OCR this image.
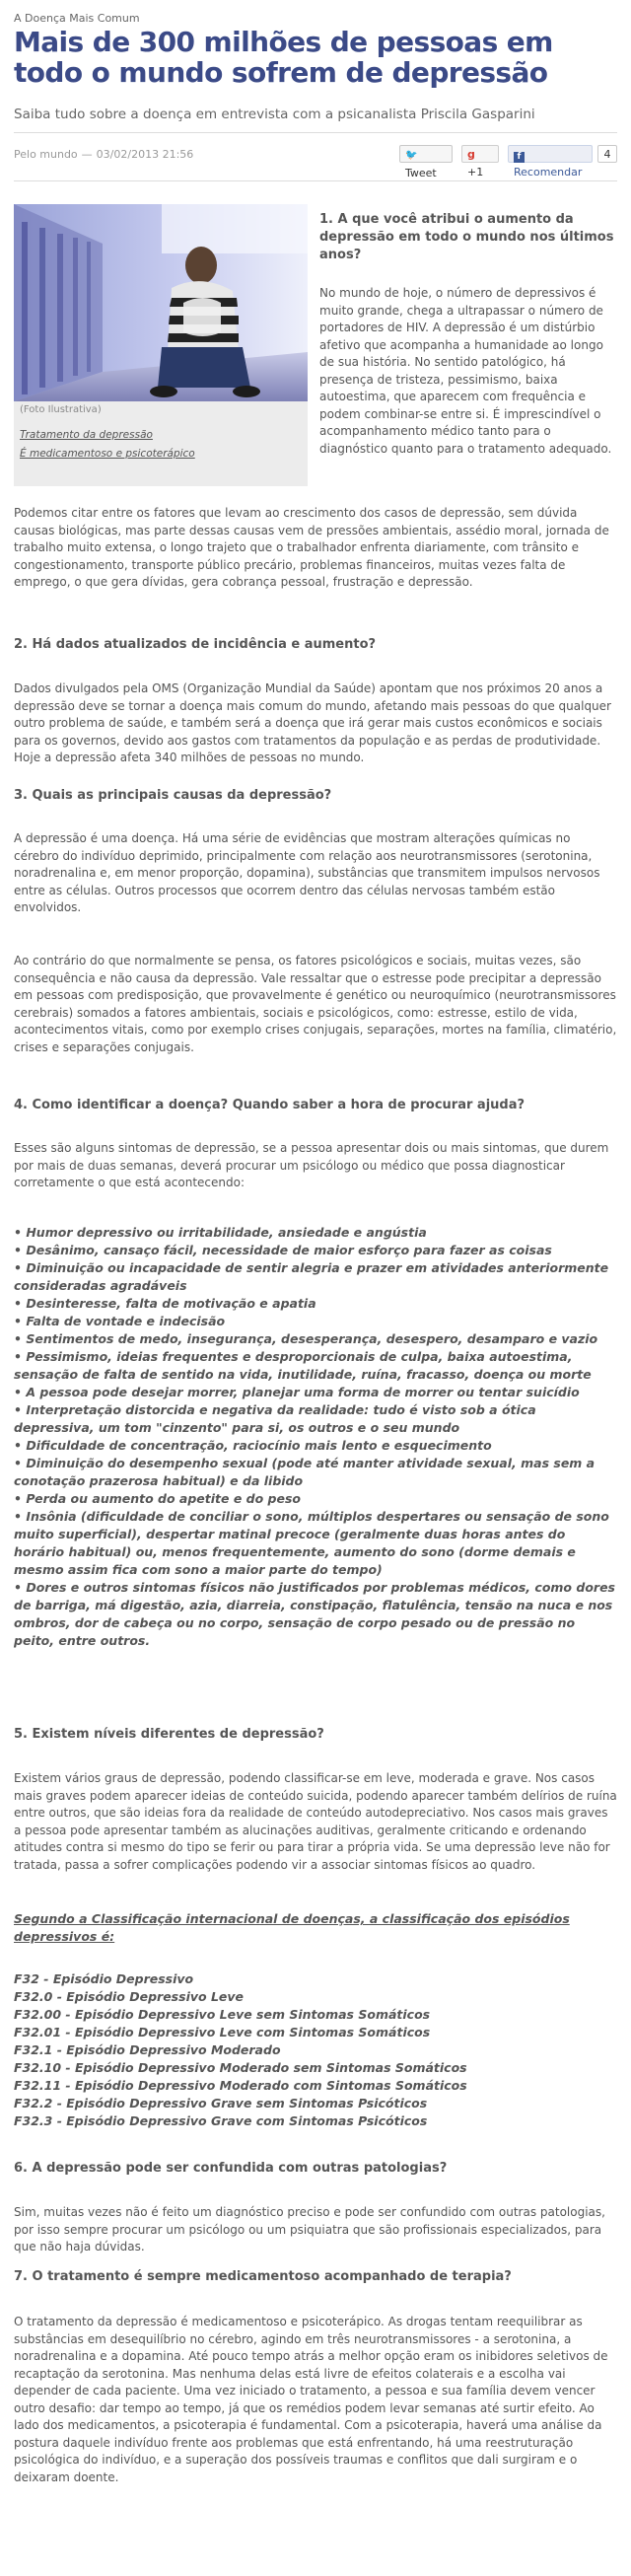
A Doença Mais Comum
Mais de 300 milhões de pessoas em todo o mundo sofrem de depressão
Saiba tudo sobre a doença em entrevista com a psicanalista Priscila Gasparini
Pelo mundo — 03/02/2013 21:56	🐦Tweet
g +1
fRecomendar
4
(Foto Ilustrativa)
Tratamento da depressão
É medicamentoso e psicoterápico
1. A que você atribui o aumento da depressão em todo o mundo nos últimos anos?

No mundo de hoje, o número de depressivos é muito grande, chega a ultrapassar o número de portadores de HIV. A depressão é um distúrbio afetivo que acompanha a humanidade ao longo de sua história. No sentido patológico, há presença de tristeza, pessimismo, baixa autoestima, que aparecem com frequência e podem combinar-se entre si. É imprescindível o acompanhamento médico tanto para o diagnóstico quanto para o tratamento adequado.

Podemos citar entre os fatores que levam ao crescimento dos casos de depressão, sem dúvida causas biológicas, mas parte dessas causas vem de pressões ambientais, assédio moral, jornada de trabalho muito extensa, o longo trajeto que o trabalhador enfrenta diariamente, com trânsito e congestionamento, transporte público precário, problemas financeiros, muitas vezes falta de emprego, o que gera dívidas, gera cobrança pessoal, frustração e depressão.

2. Há dados atualizados de incidência e aumento?

Dados divulgados pela OMS (Organização Mundial da Saúde) apontam que nos próximos 20 anos a depressão deve se tornar a doença mais comum do mundo, afetando mais pessoas do que qualquer outro problema de saúde, e também será a doença que irá gerar mais custos econômicos e sociais para os governos, devido aos gastos com tratamentos da população e as perdas de produtividade. Hoje a depressão afeta 340 milhões de pessoas no mundo.

3. Quais as principais causas da depressão?

A depressão é uma doença. Há uma série de evidências que mostram alterações químicas no cérebro do indivíduo deprimido, principalmente com relação aos neurotransmissores (serotonina, noradrenalina e, em menor proporção, dopamina), substâncias que transmitem impulsos nervosos entre as células. Outros processos que ocorrem dentro das células nervosas também estão envolvidos.

Ao contrário do que normalmente se pensa, os fatores psicológicos e sociais, muitas vezes, são consequência e não causa da depressão. Vale ressaltar que o estresse pode precipitar a depressão em pessoas com predisposição, que provavelmente é genético ou neuroquímico (neurotransmissores cerebrais) somados a fatores ambientais, sociais e psicológicos, como: estresse, estilo de vida, acontecimentos vitais, como por exemplo crises conjugais, separações, mortes na família, climatério, crises e separações conjugais.

4. Como identificar a doença? Quando saber a hora de procurar ajuda?

Esses são alguns sintomas de depressão, se a pessoa apresentar dois ou mais sintomas, que durem por mais de duas semanas, deverá procurar um psicólogo ou médico que possa diagnosticar corretamente o que está acontecendo:

• Humor depressivo ou irritabilidade, ansiedade e angústia
• Desânimo, cansaço fácil, necessidade de maior esforço para fazer as coisas
• Diminuição ou incapacidade de sentir alegria e prazer em atividades anteriormente consideradas agradáveis
• Desinteresse, falta de motivação e apatia
• Falta de vontade e indecisão
• Sentimentos de medo, insegurança, desesperança, desespero, desamparo e vazio
• Pessimismo, ideias frequentes e desproporcionais de culpa, baixa autoestima, sensação de falta de sentido na vida, inutilidade, ruína, fracasso, doença ou morte
• A pessoa pode desejar morrer, planejar uma forma de morrer ou tentar suicídio
• Interpretação distorcida e negativa da realidade: tudo é visto sob a ótica depressiva, um tom "cinzento" para si, os outros e o seu mundo
• Dificuldade de concentração, raciocínio mais lento e esquecimento
• Diminuição do desempenho sexual (pode até manter atividade sexual, mas sem a conotação prazerosa habitual) e da libido
• Perda ou aumento do apetite e do peso
• Insônia (dificuldade de conciliar o sono, múltiplos despertares ou sensação de sono muito superficial), despertar matinal precoce (geralmente duas horas antes do horário habitual) ou, menos frequentemente, aumento do sono (dorme demais e mesmo assim fica com sono a maior parte do tempo)
• Dores e outros sintomas físicos não justificados por problemas médicos, como dores de barriga, má digestão, azia, diarreia, constipação, flatulência, tensão na nuca e nos ombros, dor de cabeça ou no corpo, sensação de corpo pesado ou de pressão no peito, entre outros.
5. Existem níveis diferentes de depressão?

Existem vários graus de depressão, podendo classificar-se em leve, moderada e grave. Nos casos mais graves podem aparecer ideias de conteúdo suicida, podendo aparecer também delírios de ruína entre outros, que são ideias fora da realidade de conteúdo autodepreciativo. Nos casos mais graves a pessoa pode apresentar também as alucinações auditivas, geralmente criticando e ordenando atitudes contra si mesmo do tipo se ferir ou para tirar a própria vida. Se uma depressão leve não for tratada, passa a sofrer complicações podendo vir a associar sintomas físicos ao quadro.

Segundo a Classificação internacional de doenças, a classificação dos episódios depressivos é:
F32 - Episódio Depressivo
F32.0 - Episódio Depressivo Leve
F32.00 - Episódio Depressivo Leve sem Sintomas Somáticos
F32.01 - Episódio Depressivo Leve com Sintomas Somáticos
F32.1 - Episódio Depressivo Moderado
F32.10 - Episódio Depressivo Moderado sem Sintomas Somáticos
F32.11 - Episódio Depressivo Moderado com Sintomas Somáticos
F32.2 - Episódio Depressivo Grave sem Sintomas Psicóticos
F32.3 - Episódio Depressivo Grave com Sintomas Psicóticos
6. A depressão pode ser confundida com outras patologias?

Sim, muitas vezes não é feito um diagnóstico preciso e pode ser confundido com outras patologias, por isso sempre procurar um psicólogo ou um psiquiatra que são profissionais especializados, para que não haja dúvidas.

7. O tratamento é sempre medicamentoso acompanhado de terapia?

O tratamento da depressão é medicamentoso e psicoterápico. As drogas tentam reequilibrar as substâncias em desequilíbrio no cérebro, agindo em três neurotransmissores - a serotonina, a noradrenalina e a dopamina. Até pouco tempo atrás a melhor opção eram os inibidores seletivos de recaptação da serotonina. Mas nenhuma delas está livre de efeitos colaterais e a escolha vai depender de cada paciente. Uma vez iniciado o tratamento, a pessoa e sua família devem vencer outro desafio: dar tempo ao tempo, já que os remédios podem levar semanas até surtir efeito. Ao lado dos medicamentos, a psicoterapia é fundamental. Com a psicoterapia, haverá uma análise da postura daquele indivíduo frente aos problemas que está enfrentando, há uma reestruturação psicológica do indivíduo, e a superação dos possíveis traumas e conflitos que dali surgiram e o deixaram doente.
